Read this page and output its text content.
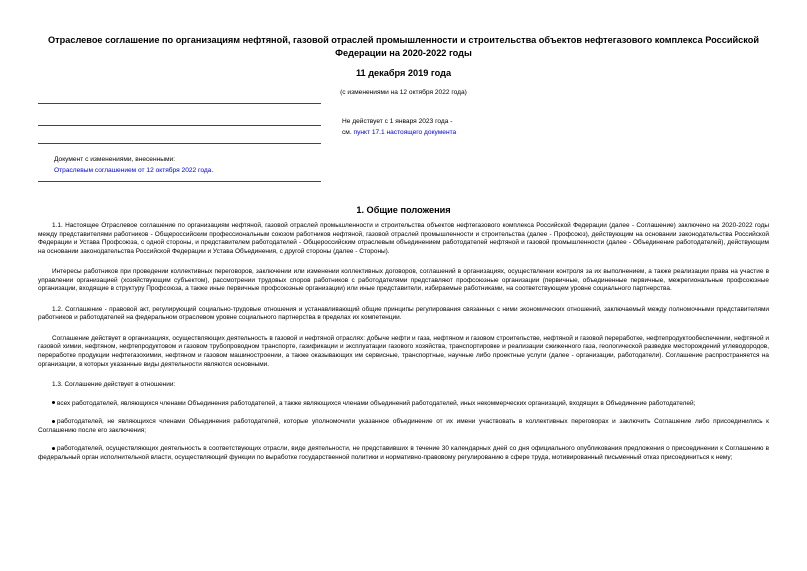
Отраслевое соглашение по организациям нефтяной, газовой отраслей промышленности и строительства объектов нефтегазового комплекса Российской Федерации на 2020-2022 годы
11 декабря 2019 года
(с изменениями на 12 октября 2022 года)
Не действует с 1 января 2023 года -
см. пункт 17.1 настоящего документа
Документ с изменениями, внесенными:
Отраслевым соглашением от 12 октября 2022 года.
1. Общие положения

1.1. Настоящее Отраслевое соглашение по организациям нефтяной, газовой отраслей промышленности и строительства объектов нефтегазового комплекса Российской Федерации (далее - Соглашение) заключено на 2020-2022 годы между представителями работников - Общероссийским профессиональным союзом работников нефтяной, газовой отраслей промышленности и строительства (далее - Профсоюз), действующим на основании законодательства Российской Федерации и Устава Профсоюза, с одной стороны, и представителем работодателей - Общероссийским отраслевым объединением работодателей нефтяной и газовой промышленности (далее - Объединение работодателей), действующим на основании законодательства Российской Федерации и Устава Объединения, с другой стороны (далее - Стороны).

Интересы работников при проведении коллективных переговоров, заключении или изменении коллективных договоров, соглашений в организациях, осуществлении контроля за их выполнением, а также реализации права на участие в управлении организацией (хозяйствующим субъектом), рассмотрении трудовых споров работников с работодателями представляют профсоюзные организации (первичные, объединенные первичные, межрегиональные профсоюзные организации, входящие в структуру Профсоюза, а также иные первичные профсоюзные организации) или иные представители, избираемые работниками, на соответствующем уровне социального партнерства.

1.2. Соглашение - правовой акт, регулирующий социально-трудовые отношения и устанавливающий общие принципы регулирования связанных с ними экономических отношений, заключаемый между полномочными представителями работников и работодателей на федеральном отраслевом уровне социального партнерства в пределах их компетенции.

Соглашение действует в организациях, осуществляющих деятельность в газовой и нефтяной отраслях: добыче нефти и газа, нефтяном и газовом строительстве, нефтяной и газовой переработке, нефтепродуктообеспечении, нефтяной и газовой химии, нефтяном, нефтепродуктовом и газовом трубопроводном транспорте, газификации и эксплуатации газового хозяйства, транспортировке и реализации сжиженного газа, геологической разведке месторождений углеводородов, переработке продукции нефтегазохимии, нефтяном и газовом машиностроении, а также оказывающих им сервисные, транспортные, научные либо проектные услуги (далее - организации, работодатели). Соглашение распространяется на организации, в которых указанные виды деятельности являются основными.

1.3. Соглашение действует в отношении:

всех работодателей, являющихся членами Объединения работодателей, а также являющихся членами объединений работодателей, иных некоммерческих организаций, входящих в Объединение работодателей;

работодателей, не являющихся членами Объединения работодателей, которые уполномочили указанное объединение от их имени участвовать в коллективных переговорах и заключить Соглашение либо присоединились к Соглашению после его заключения;

работодателей, осуществляющих деятельность в соответствующих отрасли, виде деятельности, не представивших в течение 30 календарных дней со дня официального опубликования предложения о присоединении к Соглашению в федеральный орган исполнительной власти, осуществляющий функции по выработке государственной политики и нормативно-правовому регулированию в сфере труда, мотивированный письменный отказ присоединиться к нему;
